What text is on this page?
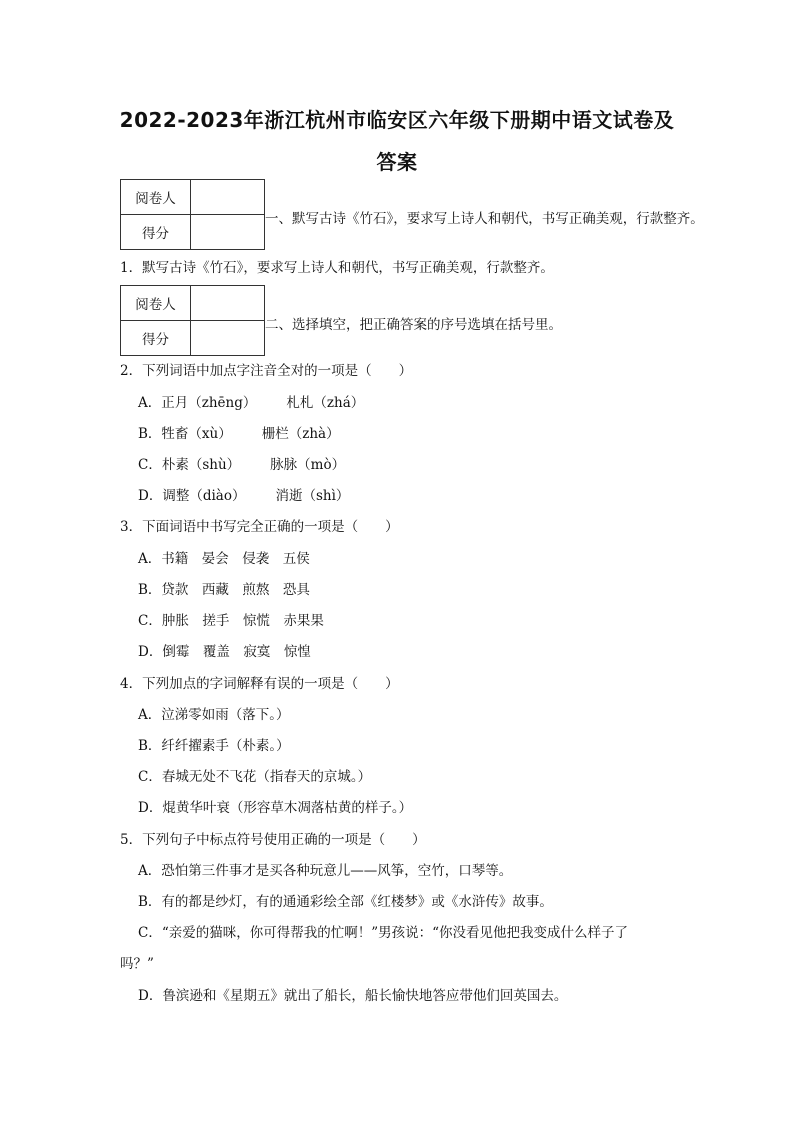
2022-2023年浙江杭州市临安区六年级下册期中语文试卷及
答案
阅卷人	
得分	
一、默写古诗《竹石》，要求写上诗人和朝代，书写正确美观，行款整齐。
1．默写古诗《竹石》，要求写上诗人和朝代，书写正确美观，行款整齐。
阅卷人	
得分	
二、选择填空，把正确答案的序号选填在括号里。
2．下列词语中加点字注音全对的一项是（　　）
A．正月（zhēng） 札札（zhá）
B．牲畜（xù） 栅栏（zhà）
C．朴素（shù） 脉脉（mò）
D．调整（diào） 消逝（shì）
3．下面词语中书写完全正确的一项是（　　）
A．书籍　晏会　侵袭　五侯
B．贷款　西藏　煎熬　恐具
C．肿胀　搓手　惊慌　赤果果
D．倒霉　覆盖　寂寞　惊惶
4．下列加点的字词解释有误的一项是（　　）
A．泣涕零如雨（落下。）
B．纤纤擢素手（朴素。）
C．春城无处不飞花（指春天的京城。）
D．焜黄华叶衰（形容草木凋落枯黄的样子。）
5．下列句子中标点符号使用正确的一项是（　　）
A．恐怕第三件事才是买各种玩意儿——风筝，空竹，口琴等。
B．有的都是纱灯，有的通通彩绘全部《红楼梦》或《水浒传》故事。
C．“亲爱的猫咪，你可得帮我的忙啊！”男孩说：“你没看见他把我变成什么样子了
吗？”
D．鲁滨逊和《星期五》就出了船长，船长愉快地答应带他们回英国去。
